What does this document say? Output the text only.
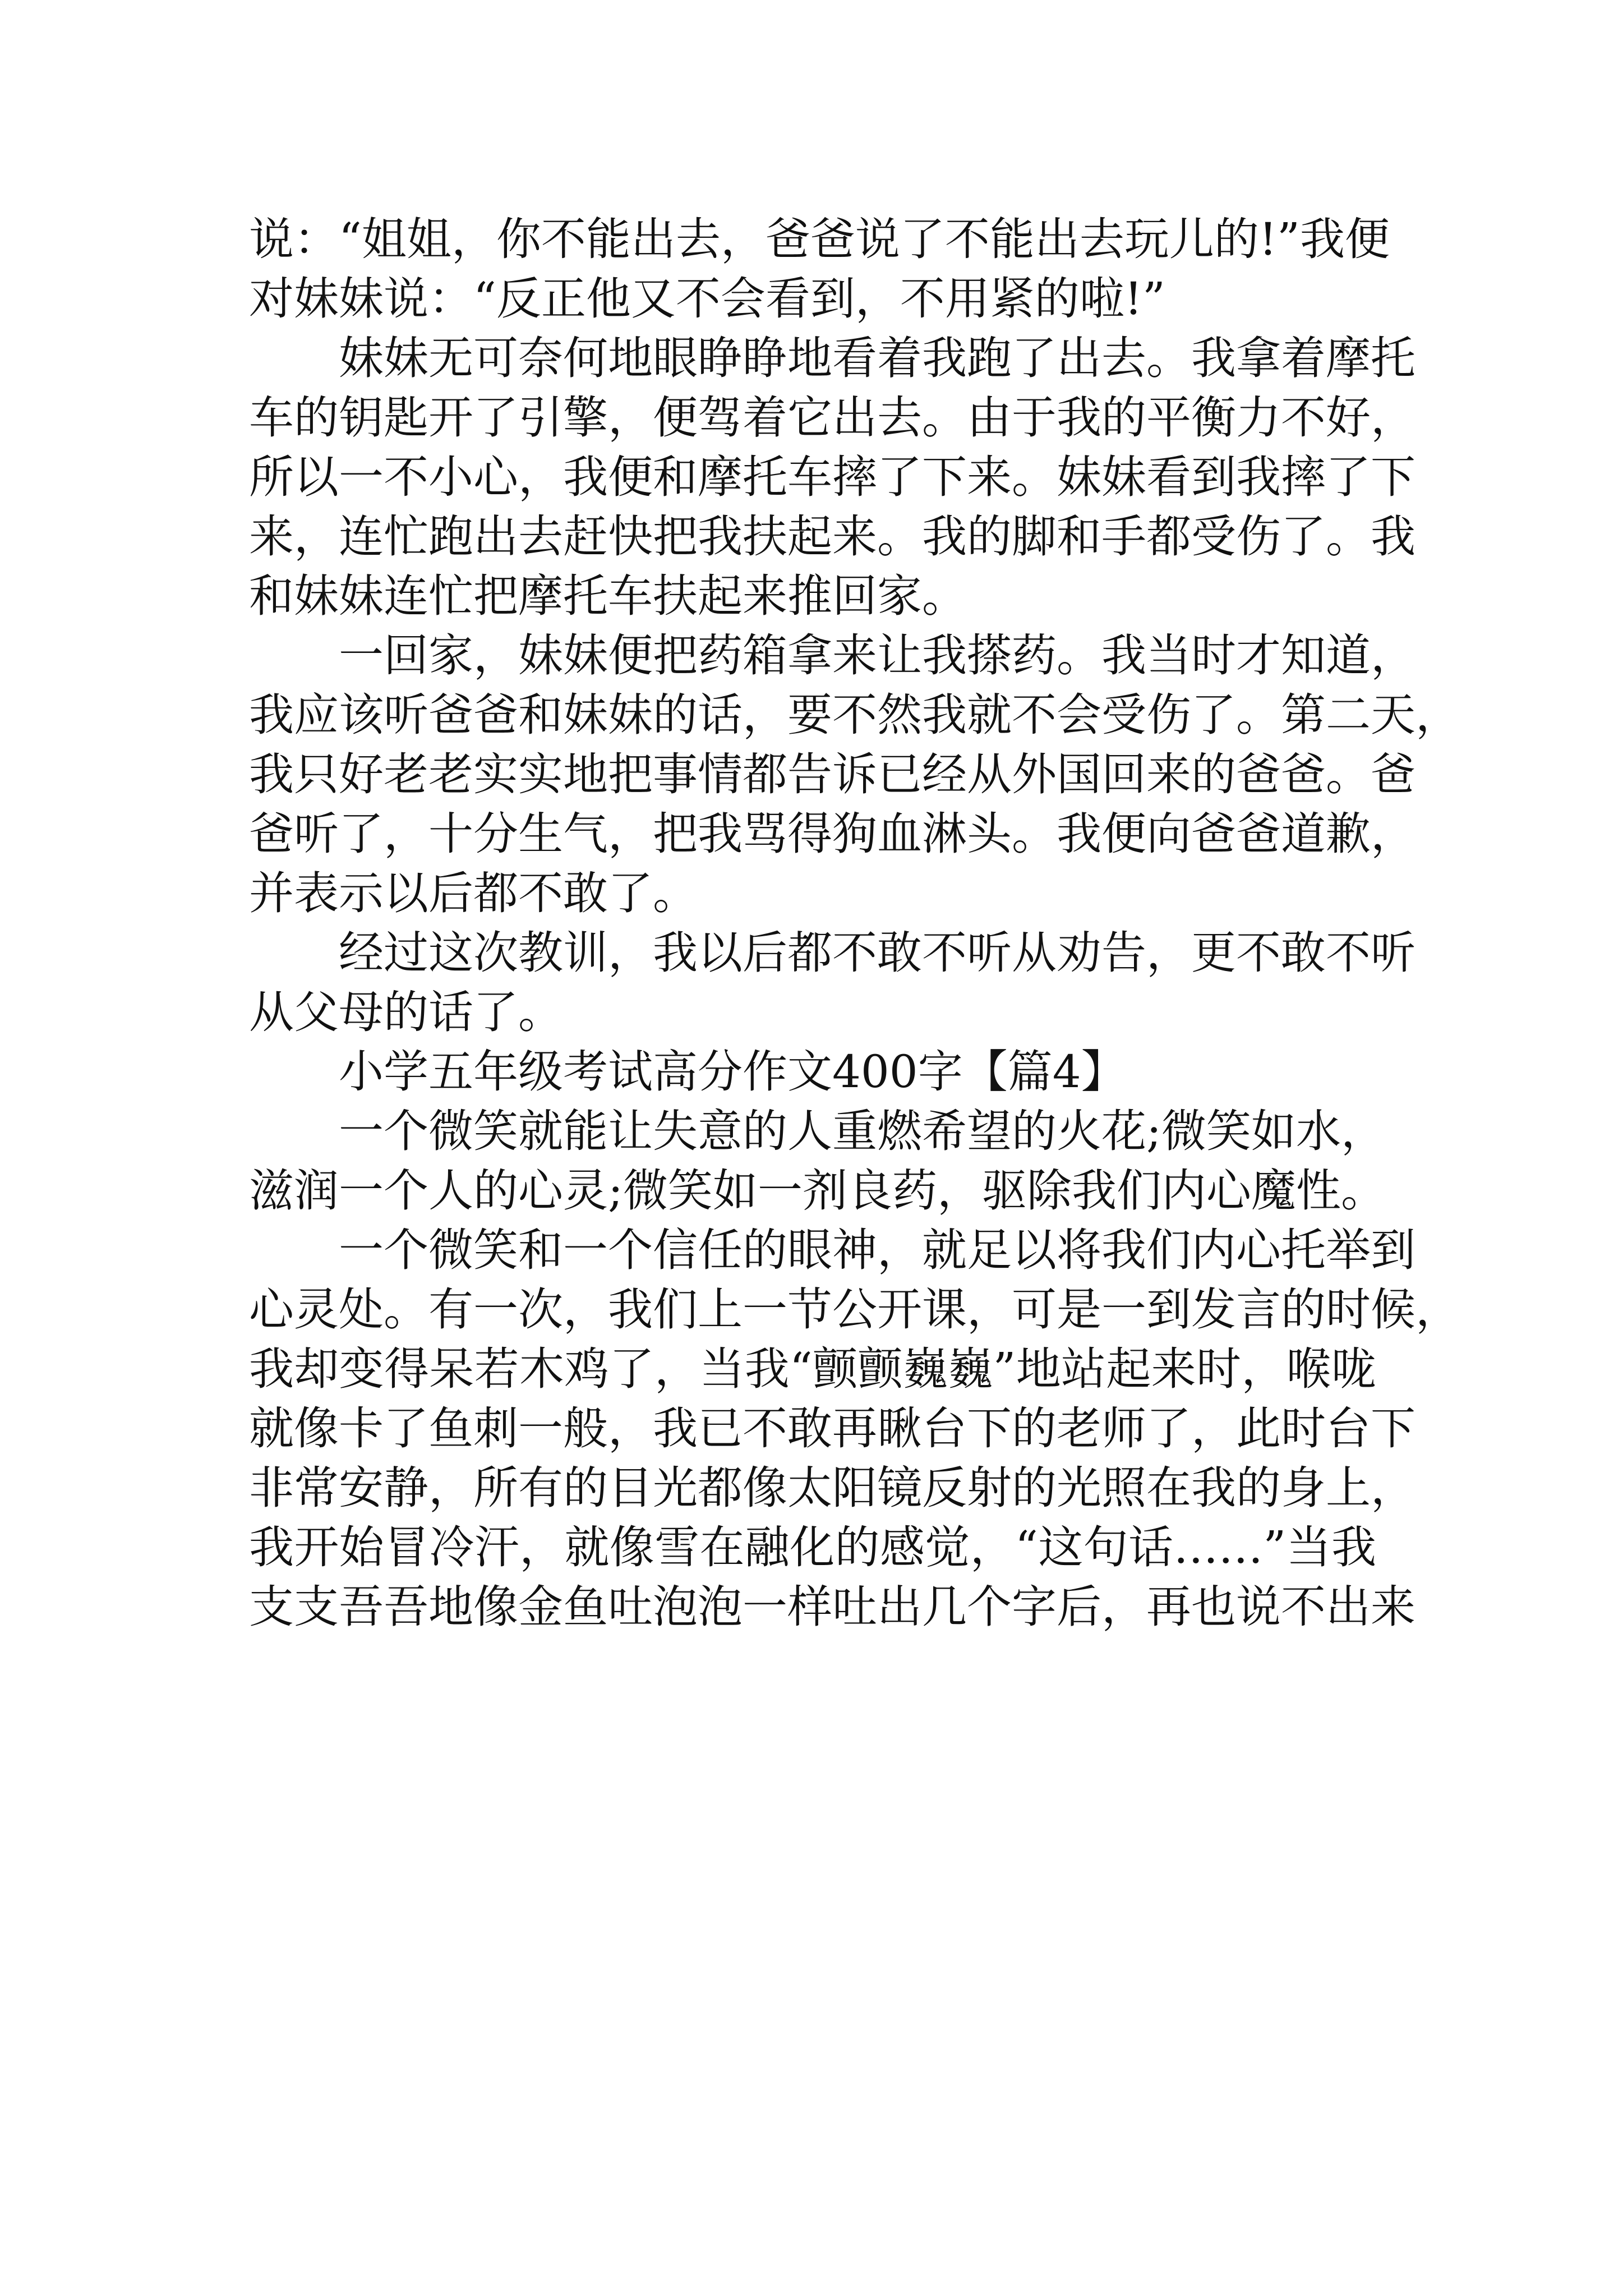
说：“姐姐，你不能出去，爸爸说了不能出去玩儿的!”我便
对妹妹说：“反正他又不会看到，不用紧的啦!”
妹妹无可奈何地眼睁睁地看着我跑了出去。我拿着摩托
车的钥匙开了引擎，便驾着它出去。由于我的平衡力不好，
所以一不小心，我便和摩托车摔了下来。妹妹看到我摔了下
来，连忙跑出去赶快把我扶起来。我的脚和手都受伤了。我
和妹妹连忙把摩托车扶起来推回家。
一回家，妹妹便把药箱拿来让我搽药。我当时才知道，
我应该听爸爸和妹妹的话，要不然我就不会受伤了。第二天，
我只好老老实实地把事情都告诉已经从外国回来的爸爸。爸
爸听了，十分生气，把我骂得狗血淋头。我便向爸爸道歉，
并表示以后都不敢了。
经过这次教训，我以后都不敢不听从劝告，更不敢不听
从父母的话了。
小学五年级考试高分作文400字【篇4】
一个微笑就能让失意的人重燃希望的火花;微笑如水，
滋润一个人的心灵;微笑如一剂良药，驱除我们内心魔性。
一个微笑和一个信任的眼神，就足以将我们内心托举到
心灵处。有一次，我们上一节公开课，可是一到发言的时候，
我却变得呆若木鸡了，当我“颤颤巍巍”地站起来时，喉咙
就像卡了鱼刺一般，我已不敢再瞅台下的老师了，此时台下
非常安静，所有的目光都像太阳镜反射的光照在我的身上，
我开始冒冷汗，就像雪在融化的感觉，“这句话……”当我
支支吾吾地像金鱼吐泡泡一样吐出几个字后，再也说不出来
